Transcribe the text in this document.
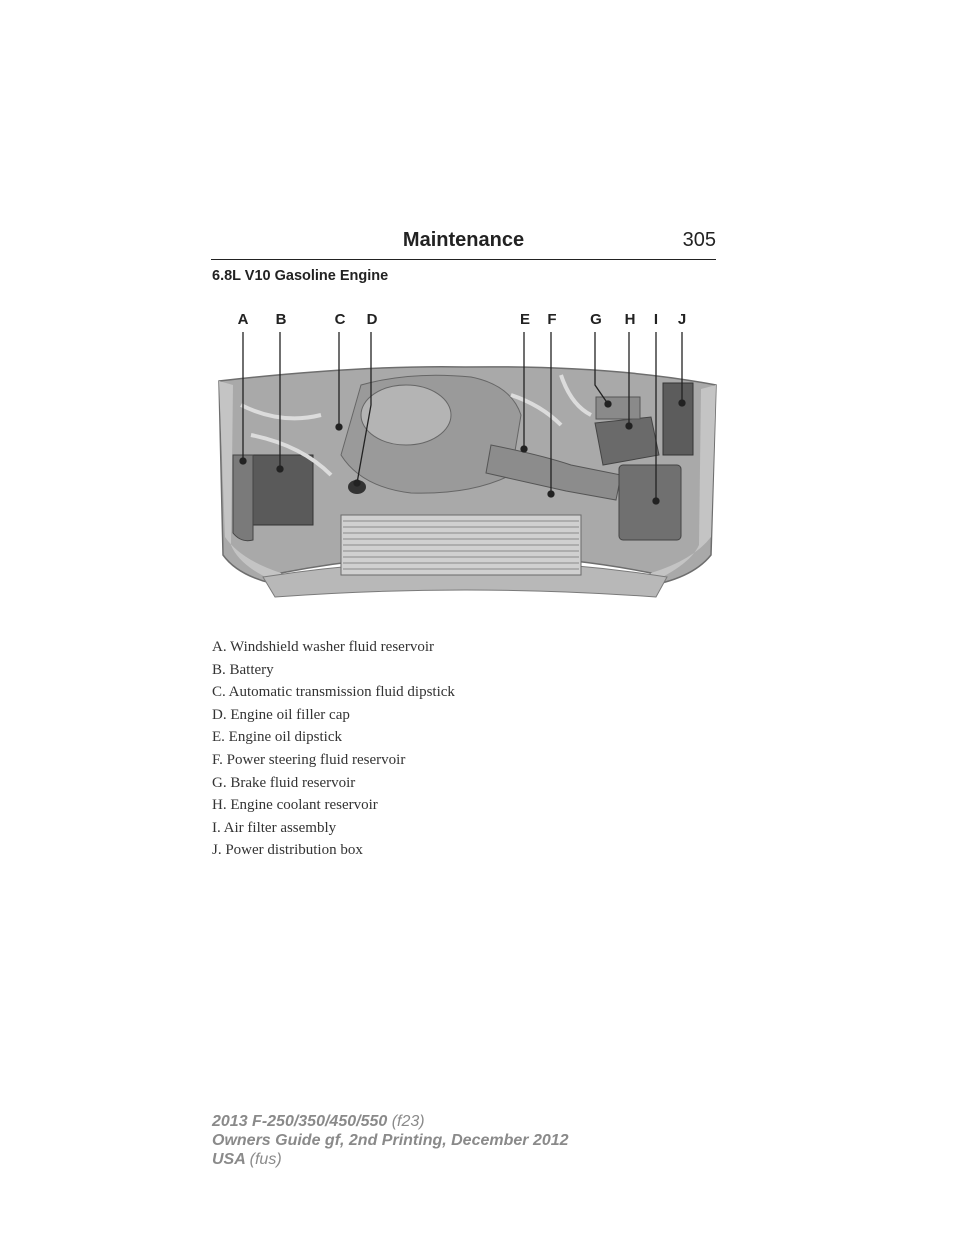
Maintenance	305
6.8L V10 Gasoline Engine
A B	C D	E F G H I J
A. Windshield washer fluid reservoir
B. Battery
C. Automatic transmission fluid dipstick
D. Engine oil filler cap
E. Engine oil dipstick
F. Power steering fluid reservoir
G. Brake fluid reservoir
H. Engine coolant reservoir
I. Air filter assembly
J. Power distribution box
2013 F-250/350/450/550 (f23)
Owners Guide gf, 2nd Printing, December 2012
USA (fus)
